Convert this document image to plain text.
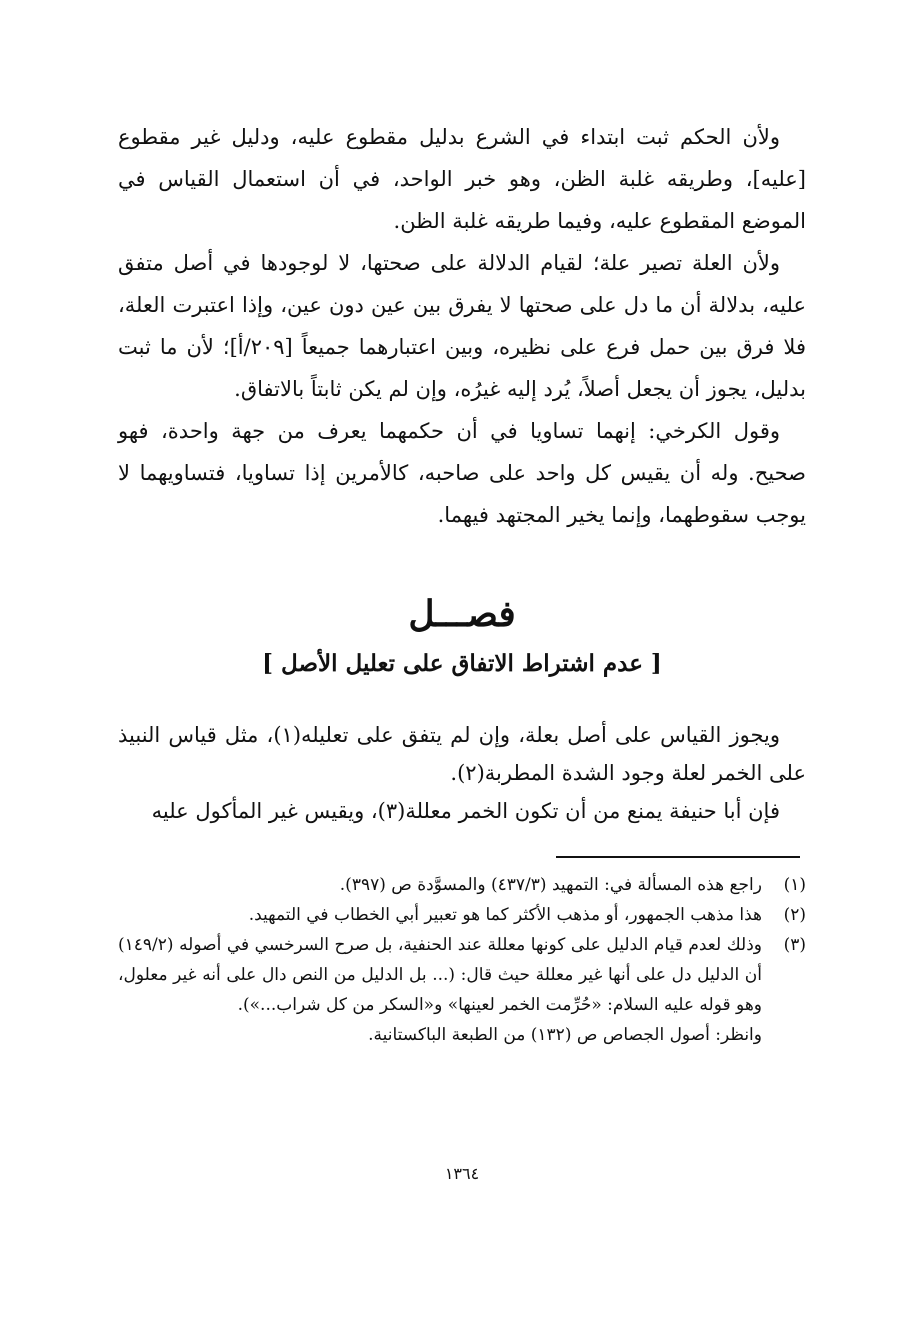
ولأن الحكم ثبت ابتداء في الشرع بدليل مقطوع عليه، ودليل غير مقطوع [عليه]، وطريقه غلبة الظن، وهو خبر الواحد، في أن استعمال القياس في الموضع المقطوع عليه، وفيما طريقه غلبة الظن.

ولأن العلة تصير علة؛ لقيام الدلالة على صحتها، لا لوجودها في أصل متفق عليه، بدلالة أن ما دل على صحتها لا يفرق بين عين دون عين، وإذا اعتبرت العلة، فلا فرق بين حمل فرع على نظيره، وبين اعتبارهما جميعاً [٢٠٩/أ]؛ لأن ما ثبت بدليل، يجوز أن يجعل أصلاً، يُرد إليه غيرُه، وإن لم يكن ثابتاً بالاتفاق.

وقول الكرخي: إنهما تساويا في أن حكمهما يعرف من جهة واحدة، فهو صحيح. وله أن يقيس كل واحد على صاحبه، كالأمرين إذا تساويا، فتساويهما لا يوجب سقوطهما، وإنما يخير المجتهد فيهما.

فصـــل
[ عدم اشتراط الاتفاق على تعليل الأصل ]

ويجوز القياس على أصل بعلة، وإن لم يتفق على تعليله(١)، مثل قياس النبيذ على الخمر لعلة وجود الشدة المطربة(٢).

فإن أبا حنيفة يمنع من أن تكون الخمر معللة(٣)، ويقيس غير المأكول عليه

(١)
راجع هذه المسألة في: التمهيد (٤٣٧/٣) والمسوَّدة ص (٣٩٧).
(٢)
هذا مذهب الجمهور، أو مذهب الأكثر كما هو تعبير أبي الخطاب في التمهيد.
(٣)
وذلك لعدم قيام الدليل على كونها معللة عند الحنفية، بل صرح السرخسي في أصوله (١٤٩/٢) أن الدليل دل على أنها غير معللة حيث قال: (... بل الدليل من النص دال على أنه غير معلول، وهو قوله عليه السلام: «حُرِّمت الخمر لعينها» و«السكر من كل شراب...»).
وانظر: أصول الجصاص ص (١٣٢) من الطبعة الباكستانية.
١٣٦٤
